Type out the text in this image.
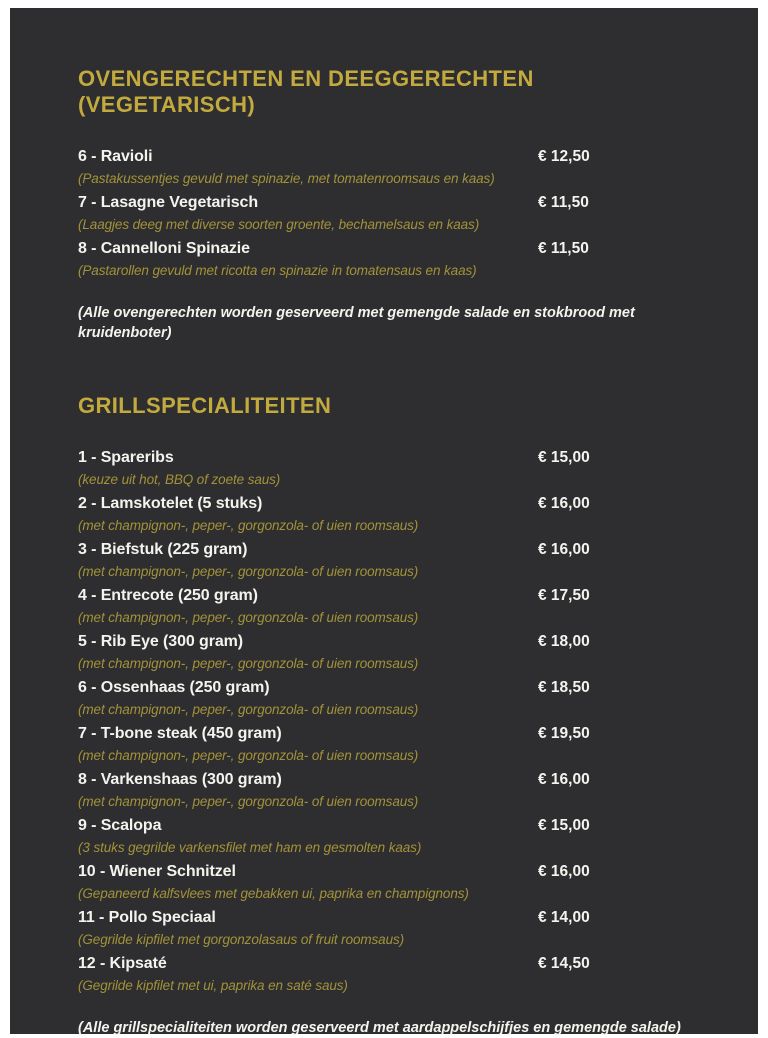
OVENGERECHTEN EN DEEGGERECHTEN (VEGETARISCH)
6 - Ravioli	€ 12,50
(Pastakussentjes gevuld met spinazie, met tomatenroomsaus en kaas)
7 - Lasagne Vegetarisch	€ 11,50
(Laagjes deeg met diverse soorten groente, bechamelsaus en kaas)
8 - Cannelloni Spinazie	€ 11,50
(Pastarollen gevuld met ricotta en spinazie in tomatensaus en kaas)

(Alle ovengerechten worden geserveerd met gemengde salade en stokbrood met kruidenboter)

GRILLSPECIALITEITEN
1 - Spareribs	€ 15,00
(keuze uit hot, BBQ of zoete saus)
2 - Lamskotelet (5 stuks)	€ 16,00
(met champignon-, peper-, gorgonzola- of uien roomsaus)
3 - Biefstuk (225 gram)	€ 16,00
(met champignon-, peper-, gorgonzola- of uien roomsaus)
4 - Entrecote (250 gram)	€ 17,50
(met champignon-, peper-, gorgonzola- of uien roomsaus)
5 - Rib Eye (300 gram)	€ 18,00
(met champignon-, peper-, gorgonzola- of uien roomsaus)
6 - Ossenhaas (250 gram)	€ 18,50
(met champignon-, peper-, gorgonzola- of uien roomsaus)
7 - T-bone steak (450 gram)	€ 19,50
(met champignon-, peper-, gorgonzola- of uien roomsaus)
8 - Varkenshaas (300 gram)	€ 16,00
(met champignon-, peper-, gorgonzola- of uien roomsaus)
9 - Scalopa	€ 15,00
(3 stuks gegrilde varkensfilet met ham en gesmolten kaas)
10 - Wiener Schnitzel	€ 16,00
(Gepaneerd kalfsvlees met gebakken ui, paprika en champignons)
11 - Pollo Speciaal	€ 14,00
(Gegrilde kipfilet met gorgonzolasaus of fruit roomsaus)
12 - Kipsaté	€ 14,50
(Gegrilde kipfilet met ui, paprika en saté saus)

(Alle grillspecialiteiten worden geserveerd met aardappelschijfjes en gemengde salade)
